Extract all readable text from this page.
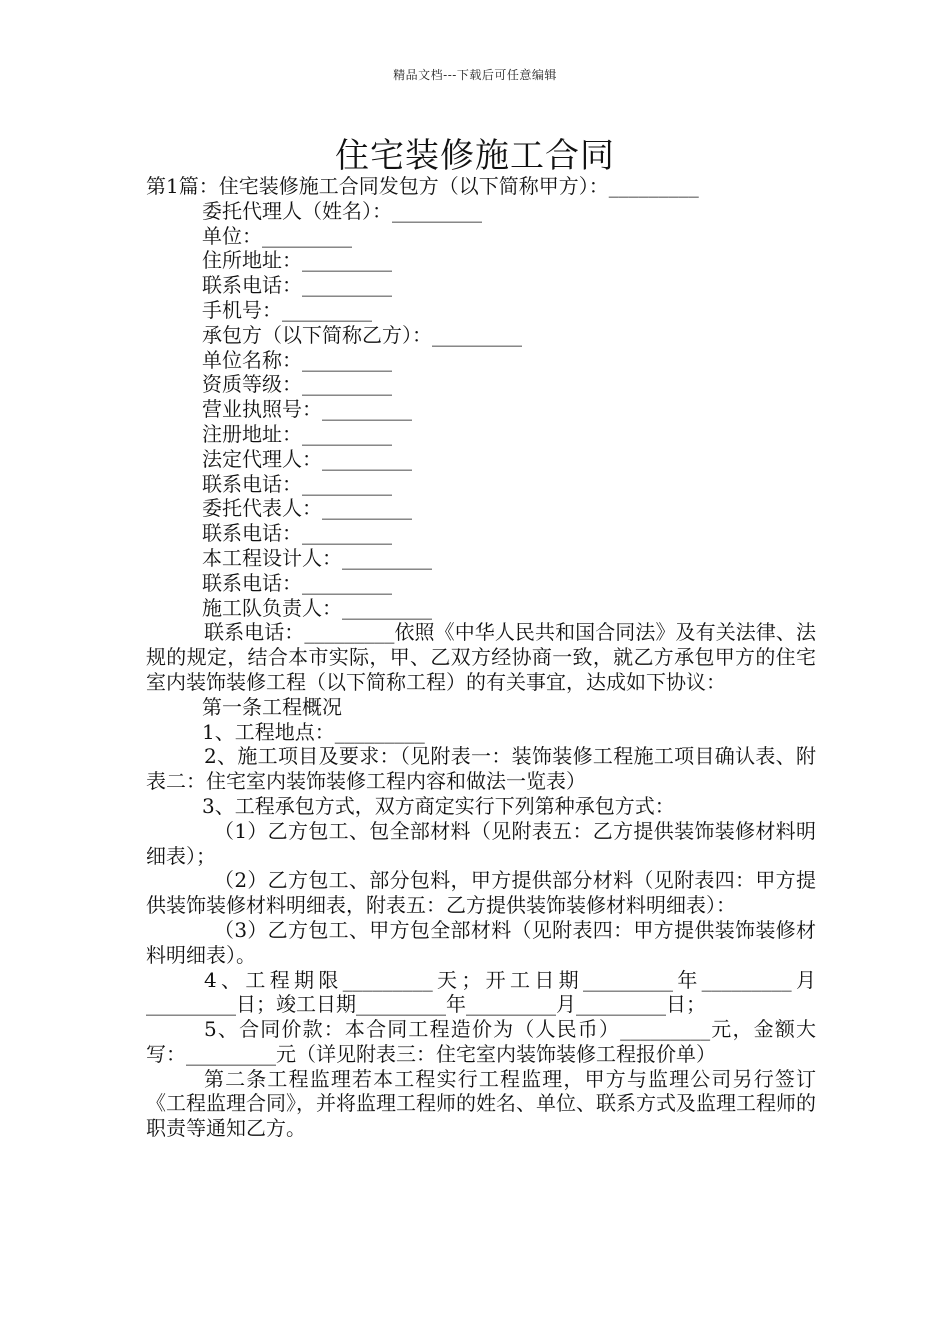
精品文档---下载后可任意编辑
住宅装修施工合同

第1篇：住宅装修施工合同发包方（以下简称甲方）：_________

委托代理人（姓名）：_________

单位：_________

住所地址：_________

联系电话：_________

手机号：_________

承包方（以下简称乙方）：_________

单位名称：_________

资质等级：_________

营业执照号：_________

注册地址：_________

法定代理人：_________

联系电话：_________

委托代表人：_________

联系电话：_________

本工程设计人：_________

联系电话：_________

施工队负责人：_________

联系电话：_________依照《中华人民共和国合同法》及有关法律、法规的规定，结合本市实际，甲、乙双方经协商一致，就乙方承包甲方的住宅室内装饰装修工程（以下简称工程）的有关事宜，达成如下协议：

第一条工程概况

1、工程地点：_________

2、施工项目及要求：（见附表一：装饰装修工程施工项目确认表、附表二：住宅室内装饰装修工程内容和做法一览表）

3、工程承包方式，双方商定实行下列第种承包方式：

（1）乙方包工、包全部材料（见附表五：乙方提供装饰装修材料明细表）；

（2）乙方包工、部分包料，甲方提供部分材料（见附表四：甲方提供装饰装修材料明细表，附表五：乙方提供装饰装修材料明细表）：

（3）乙方包工、甲方包全部材料（见附表四：甲方提供装饰装修材料明细表）。

4、工程期限_________天；开工日期_________年_________月_________日；竣工日期_________年_________月_________日；

5、合同价款：本合同工程造价为（人民币）_________元，金额大写：_________元（详见附表三：住宅室内装饰装修工程报价单）

第二条工程监理若本工程实行工程监理，甲方与监理公司另行签订《工程监理合同》，并将监理工程师的姓名、单位、联系方式及监理工程师的职责等通知乙方。
